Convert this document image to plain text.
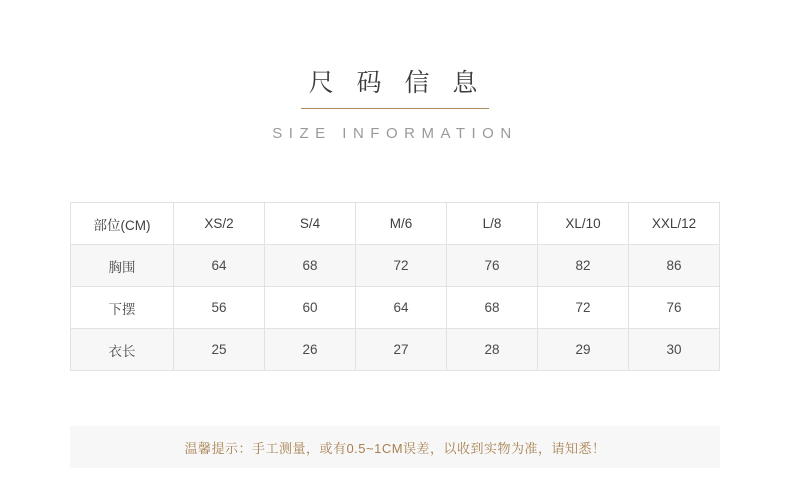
尺 码 信 息
SIZE INFORMATION
部位(CM)	XS/2	S/4	M/6	L/8	XL/10	XXL/12
胸围	64	68	72	76	82	86
下摆	56	60	64	68	72	76
衣长	25	26	27	28	29	30
温馨提示：手工测量，或有0.5~1CM误差，以收到实物为准，请知悉！
